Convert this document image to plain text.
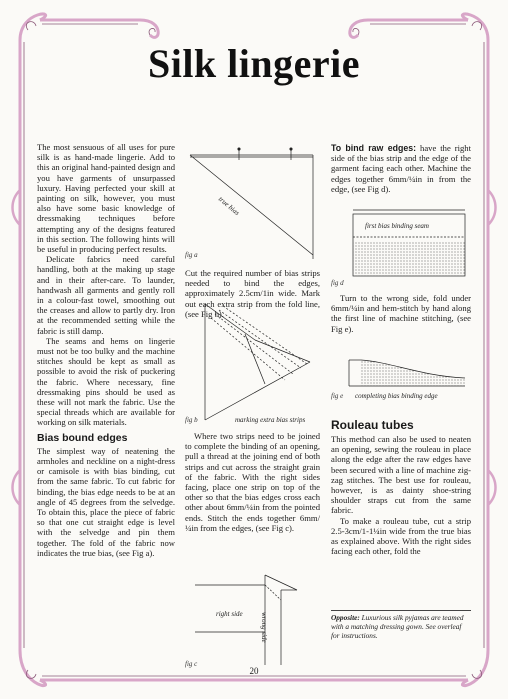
Silk lingerie

The most sensuous of all uses for pure silk is as hand-made lingerie. Add to this an original hand-painted design and you have garments of unsurpassed luxury. Having perfected your skill at painting on silk, however, you must also have some basic knowledge of dressmaking techniques before attempting any of the designs featured in this section. The following hints will be useful in producing perfect results.

Delicate fabrics need careful handling, both at the making up stage and in their after-care. To launder, handwash all garments and gently roll in a colour-fast towel, smoothing out the creases and allow to partly dry. Iron at the recommended setting while the fabric is still damp.

The seams and hems on lingerie must not be too bulky and the machine stitches should be kept as small as possible to avoid the risk of puckering the fabric. Where necessary, fine dressmaking pins should be used as these will not mark the fabric. Use the special threads which are available for working on silk materials.

Bias bound edges

The simplest way of neatening the armholes and neckline on a night-dress or camisole is with bias binding, cut from the same fabric. To cut fabric for binding, the bias edge needs to be at an angle of 45 degrees from the selvedge. To obtain this, place the piece of fabric so that one cut straight edge is level with the selvedge and pin them together. The fold of the fabric now indicates the true bias, (see Fig a).

true bias
fig a

Cut the required number of bias strips needed to bind the edges, approximately 2.5cm/1in wide. Mark out each extra strip from the fold line, (see Fig b).

fig b	marking extra bias strips

Where two strips need to be joined to complete the binding of an opening, pull a thread at the joining end of both strips and cut across the straight grain of the fabric. With the right sides facing, place one strip on top of the other so that the bias edges cross each other about 6mm/¼in from the pointed ends. Stitch the ends together 6mm/¼in from the edges, (see Fig c).

right side wrong side
fig c

To bind raw edges: have the right side of the bias strip and the edge of the garment facing each other. Machine the edges together 6mm/¼in in from the edge, (see Fig d).

first bias binding seam
fig d

Turn to the wrong side, fold under 6mm/¼in and hem-stitch by hand along the first line of machine stitching, (see Fig e).

fig e completing bias binding edge
Rouleau tubes

This method can also be used to neaten an opening, sewing the rouleau in place along the edge after the raw edges have been secured with a line of machine zig-zag stitches. The best use for rouleau, however, is as dainty shoe-string shoulder straps cut from the same fabric.

To make a rouleau tube, cut a strip 2.5-3cm/1-1¼in wide from the true bias as explained above. With the right sides facing each other, fold the

Opposite: Luxurious silk pyjamas are teamed with a matching dressing gown. See overleaf for instructions.
20
